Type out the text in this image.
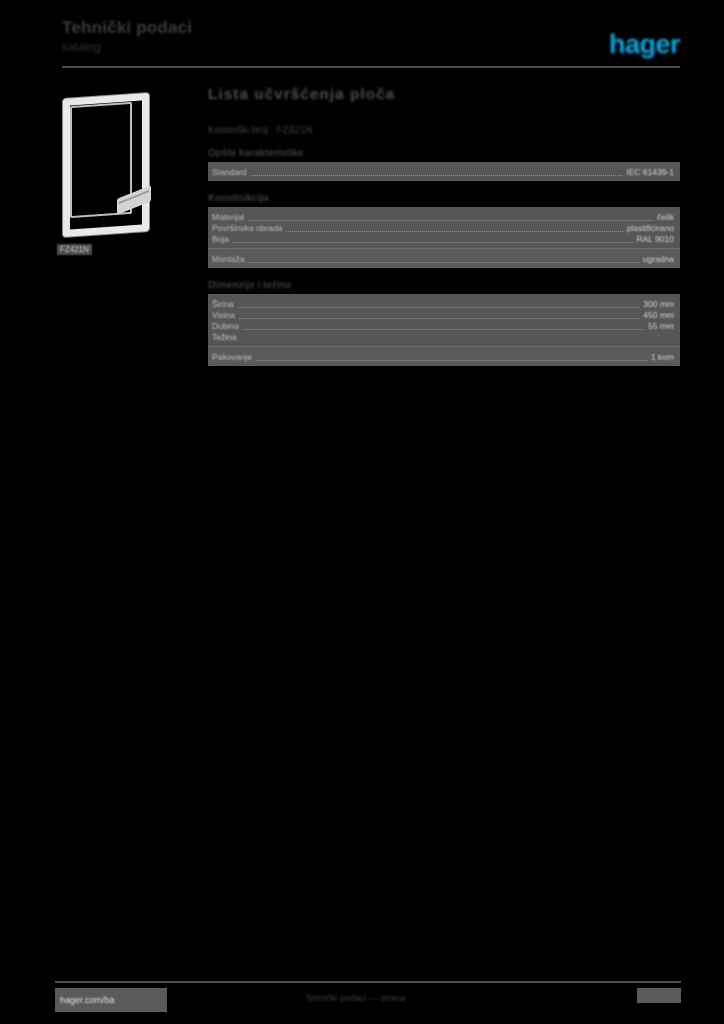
Tehnički podaci
katalog	hager
FZ421N
Lista učvršćenja ploča
Kataloški broj : FZ421N
Opšte karakteristike
Standard	IEC 61439-1
Konstrukcija
Materijal	čelik
Površinska obrada	plastificirano
Boja	RAL 9010
Montaža	ugradna
Dimenzije i težina
Širina	300 mm
Visina	450 mm
Dubina	55 mm
Težina
Pakovanje	1 kom
hager.com/ba	Tehnički podaci — strana
